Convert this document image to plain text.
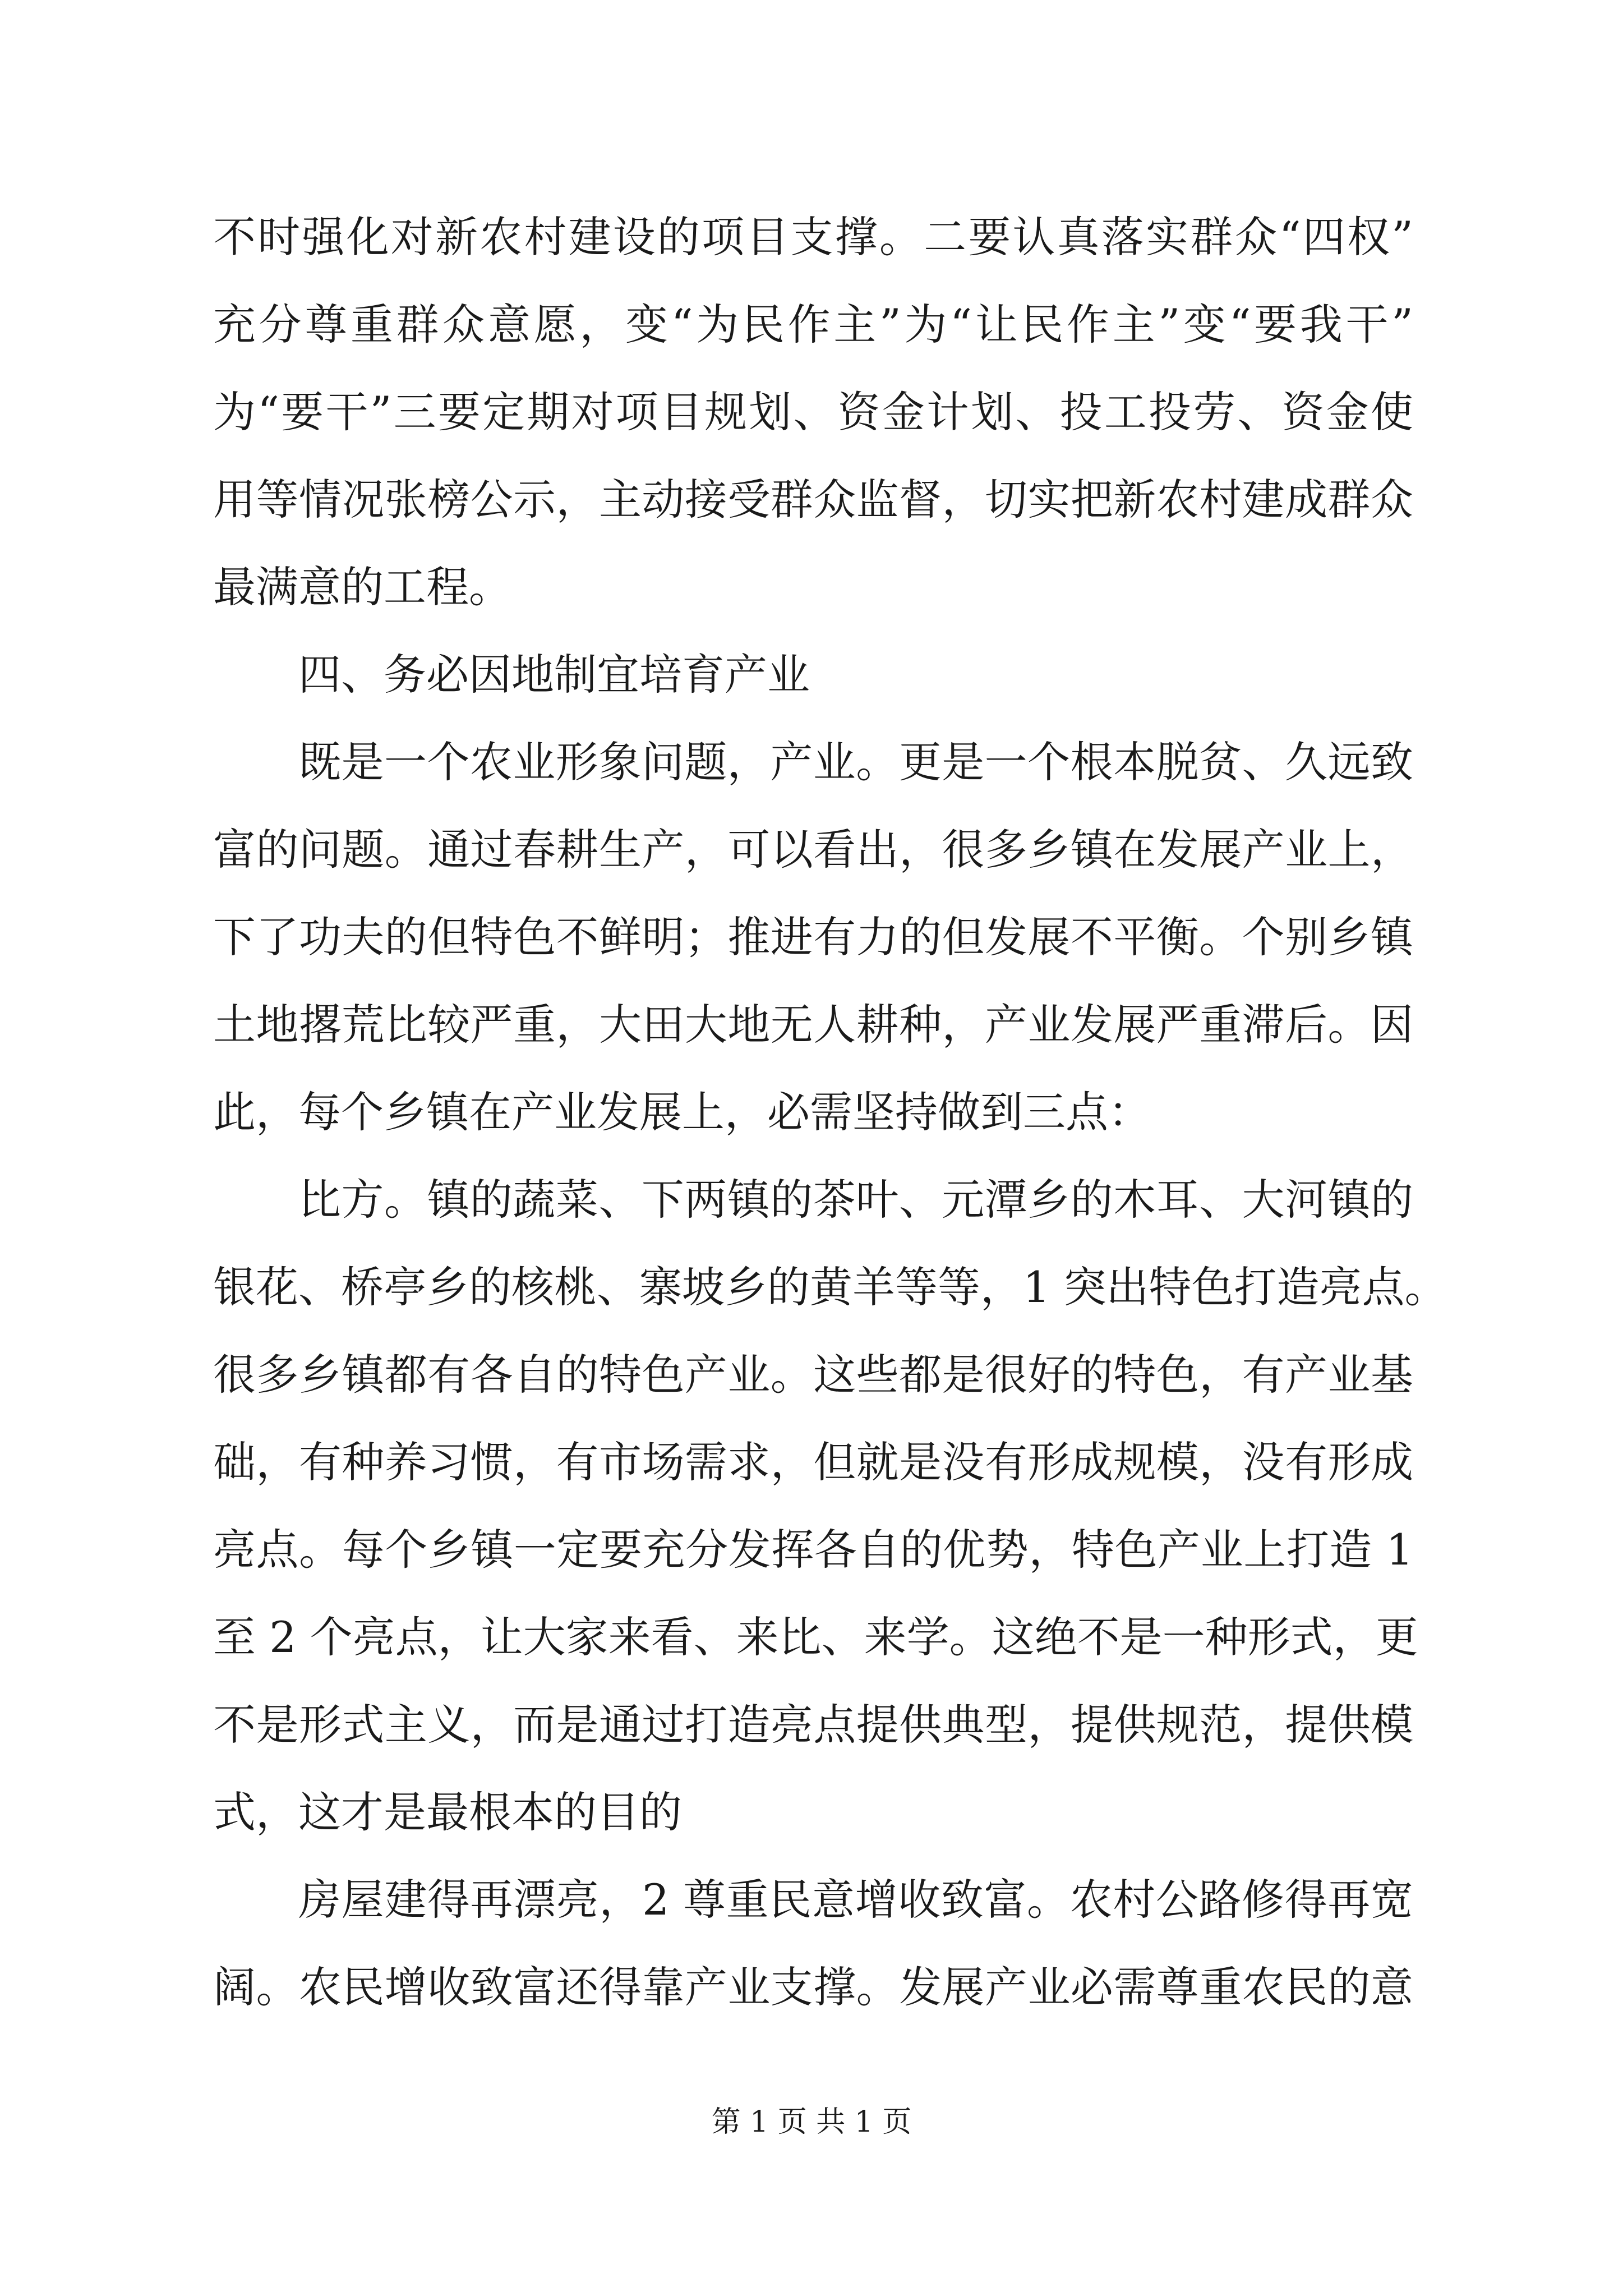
不时强化对新农村建设的项目支撑。二要认真落实群众“四权”
充分尊重群众意愿，变“为民作主”为“让民作主”变“要我干”
为“要干”三要定期对项目规划、资金计划、投工投劳、资金使
用等情况张榜公示，主动接受群众监督，切实把新农村建成群众
最满意的工程。
四、务必因地制宜培育产业
既是一个农业形象问题，产业。更是一个根本脱贫、久远致
富的问题。通过春耕生产，可以看出，很多乡镇在发展产业上，
下了功夫的但特色不鲜明；推进有力的但发展不平衡。个别乡镇
土地撂荒比较严重，大田大地无人耕种，产业发展严重滞后。因
此，每个乡镇在产业发展上，必需坚持做到三点：
比方。镇的蔬菜、下两镇的茶叶、元潭乡的木耳、大河镇的
银花、桥亭乡的核桃、寨坡乡的黄羊等等，1 突出特色打造亮点。
很多乡镇都有各自的特色产业。这些都是很好的特色，有产业基
础，有种养习惯，有市场需求，但就是没有形成规模，没有形成
亮点。每个乡镇一定要充分发挥各自的优势，特色产业上打造 1
至 2 个亮点，让大家来看、来比、来学。这绝不是一种形式，更
不是形式主义，而是通过打造亮点提供典型，提供规范，提供模
式，这才是最根本的目的
房屋建得再漂亮，2 尊重民意增收致富。农村公路修得再宽
阔。农民增收致富还得靠产业支撑。发展产业必需尊重农民的意
第 1 页 共 1 页
